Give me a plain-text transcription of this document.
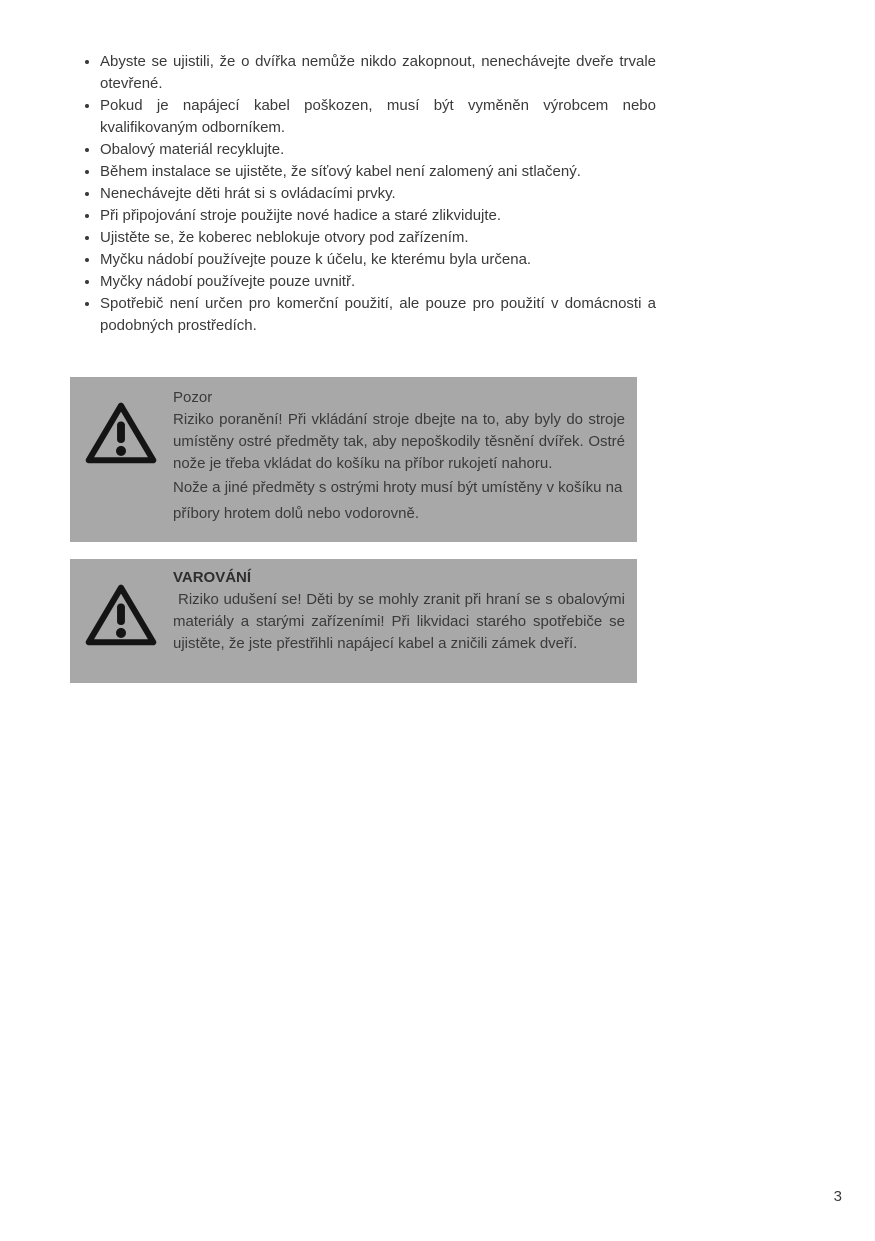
• Abyste se ujistili, že o dvířka nemůže nikdo zakopnout, nenechávejte dveře trvale otevřené.
• Pokud je napájecí kabel poškozen, musí být vyměněn výrobcem nebo kvalifikovaným odborníkem.
• Obalový materiál recyklujte.
• Během instalace se ujistěte, že síťový kabel není zalomený ani stlačený.
• Nenechávejte děti hrát si s ovládacími prvky.
• Při připojování stroje použijte nové hadice a staré zlikvidujte.
• Ujistěte se, že koberec neblokuje otvory pod zařízením.
• Myčku nádobí používejte pouze k účelu, ke kterému byla určena.
• Myčky nádobí používejte pouze uvnitř.
• Spotřebič není určen pro komerční použití, ale pouze pro použití v domácnosti a podobných prostředích.
Pozor

Riziko poranění! Při vkládání stroje dbejte na to, aby byly do stroje umístěny ostré předměty tak, aby nepoškodily těsnění dvířek. Ostré nože je třeba vkládat do košíku na příbor rukojetí nahoru.

Nože a jiné předměty s ostrými hroty musí být umístěny v košíku na příbory hrotem dolů nebo vodorovně.

VAROVÁNÍ

Riziko udušení se! Děti by se mohly zranit při hraní se s obalovými materiály a starými zařízeními! Při likvidaci starého spotřebiče se ujistěte, že jste přestřihli napájecí kabel a zničili zámek dveří.

3
